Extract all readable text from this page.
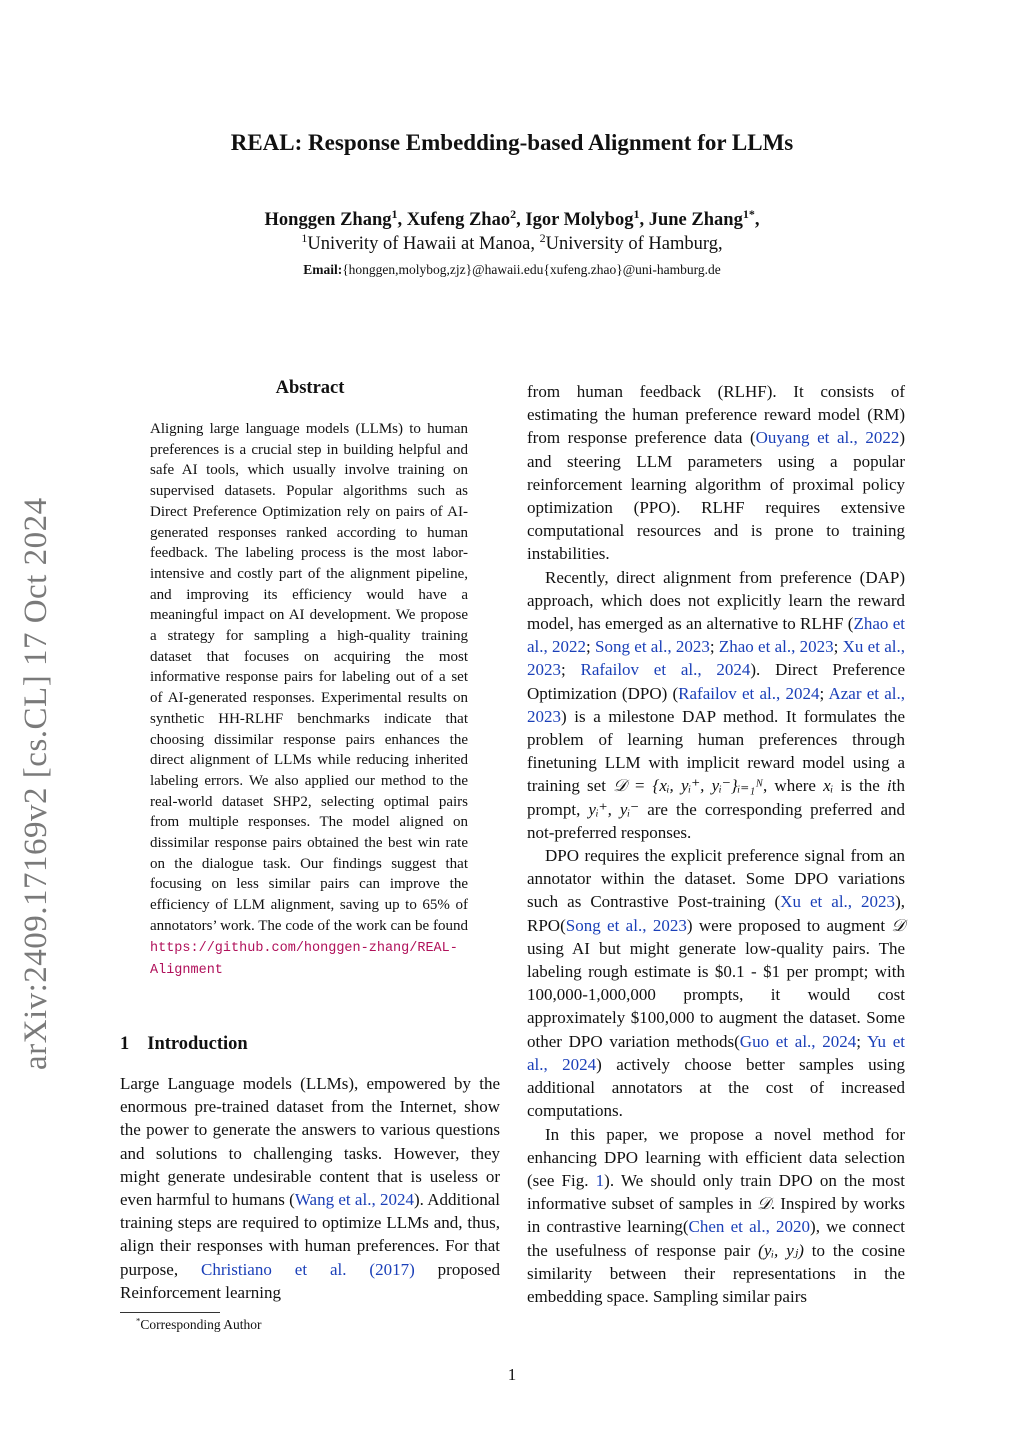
arXiv:2409.17169v2 [cs.CL] 17 Oct 2024
REAL: Response Embedding-based Alignment for LLMs
Honggen Zhang$^1$, Xufeng Zhao$^2$, Igor Molybog$^1$, June Zhang$^{1*}$,
$^1$Univerity of Hawaii at Manoa, $^2$University of Hamburg,
Email:{honggen,molybog,zjz}@hawaii.edu{xufeng.zhao}@uni-hamburg.de
Abstract
Aligning large language models (LLMs) to human preferences is a crucial step in building helpful and safe AI tools, which usually involve training on supervised datasets. Popular algorithms such as Direct Preference Optimization rely on pairs of AI-generated responses ranked according to human feedback. The labeling process is the most labor-intensive and costly part of the alignment pipeline, and improving its efficiency would have a meaningful impact on AI development. We propose a strategy for sampling a high-quality training dataset that focuses on acquiring the most informative response pairs for labeling out of a set of AI-generated responses. Experimental results on synthetic HH-RLHF benchmarks indicate that choosing dissimilar response pairs enhances the direct alignment of LLMs while reducing inherited labeling errors. We also applied our method to the real-world dataset SHP2, selecting optimal pairs from multiple responses. The model aligned on dissimilar response pairs obtained the best win rate on the dialogue task. Our findings suggest that focusing on less similar pairs can improve the efficiency of LLM alignment, saving up to 65% of annotators’ work. The code of the work can be found https://github.com/honggen-zhang/REAL-Alignment
1 Introduction
Large Language models (LLMs), empowered by the enormous pre-trained dataset from the Internet, show the power to generate the answers to various questions and solutions to challenging tasks. However, they might generate undesirable content that is useless or even harmful to humans (Wang et al., 2024). Additional training steps are required to optimize LLMs and, thus, align their responses with human preferences. For that purpose, Christiano et al. (2017) proposed Reinforcement learning

from human feedback (RLHF). It consists of estimating the human preference reward model (RM) from response preference data (Ouyang et al., 2022) and steering LLM parameters using a popular reinforcement learning algorithm of proximal policy optimization (PPO). RLHF requires extensive computational resources and is prone to training instabilities.

Recently, direct alignment from preference (DAP) approach, which does not explicitly learn the reward model, has emerged as an alternative to RLHF (Zhao et al., 2022; Song et al., 2023; Zhao et al., 2023; Xu et al., 2023; Rafailov et al., 2024). Direct Preference Optimization (DPO) (Rafailov et al., 2024; Azar et al., 2023) is a milestone DAP method. It formulates the problem of learning human preferences through finetuning LLM with implicit reward model using a training set 𝒟 = {xᵢ, yᵢ⁺, yᵢ⁻}ᵢ₌₁ᴺ, where xᵢ is the ith prompt, yᵢ⁺, yᵢ⁻ are the corresponding preferred and not-preferred responses.

DPO requires the explicit preference signal from an annotator within the dataset. Some DPO variations such as Contrastive Post-training (Xu et al., 2023), RPO(Song et al., 2023) were proposed to augment 𝒟 using AI but might generate low-quality pairs. The labeling rough estimate is $0.1 - $1 per prompt; with 100,000-1,000,000 prompts, it would cost approximately $100,000 to augment the dataset. Some other DPO variation methods(Guo et al., 2024; Yu et al., 2024) actively choose better samples using additional annotators at the cost of increased computations.

In this paper, we propose a novel method for enhancing DPO learning with efficient data selection (see Fig. 1). We should only train DPO on the most informative subset of samples in 𝒟. Inspired by works in contrastive learning(Chen et al., 2020), we connect the usefulness of response pair (yᵢ, yⱼ) to the cosine similarity between their representations in the embedding space. Sampling similar pairs

*Corresponding Author
1
